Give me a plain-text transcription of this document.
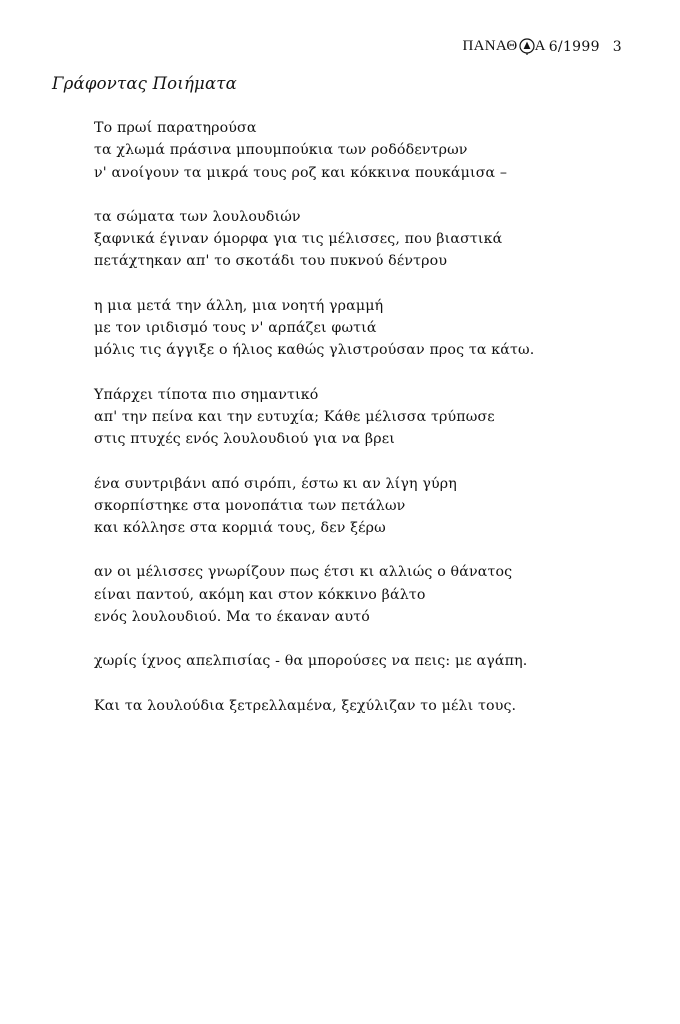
ΠΑΝΑΘ Α 6/1999 3
Γράφοντας Ποιήματα
Το πρωί παρατηρούσα
τα χλωμά πράσινα μπουμπούκια των ροδόδεντρων
ν' ανοίγουν τα μικρά τους ροζ και κόκκινα πουκάμισα –
τα σώματα των λουλουδιών
ξαφνικά έγιναν όμορφα για τις μέλισσες, που βιαστικά
πετάχτηκαν απ' το σκοτάδι του πυκνού δέντρου
η μια μετά την άλλη, μια νοητή γραμμή
με τον ιριδισμό τους ν' αρπάζει φωτιά
μόλις τις άγγιξε ο ήλιος καθώς γλιστρούσαν προς τα κάτω.
Υπάρχει τίποτα πιο σημαντικό
απ' την πείνα και την ευτυχία; Κάθε μέλισσα τρύπωσε
στις πτυχές ενός λουλουδιού για να βρει
ένα συντριβάνι από σιρόπι, έστω κι αν λίγη γύρη
σκορπίστηκε στα μονοπάτια των πετάλων
και κόλλησε στα κορμιά τους, δεν ξέρω
αν οι μέλισσες γνωρίζουν πως έτσι κι αλλιώς ο θάνατος
είναι παντού, ακόμη και στον κόκκινο βάλτο
ενός λουλουδιού. Μα το έκαναν αυτό
χωρίς ίχνος απελπισίας - θα μπορούσες να πεις: με αγάπη.
Και τα λουλούδια ξετρελλαμένα, ξεχύλιζαν το μέλι τους.
